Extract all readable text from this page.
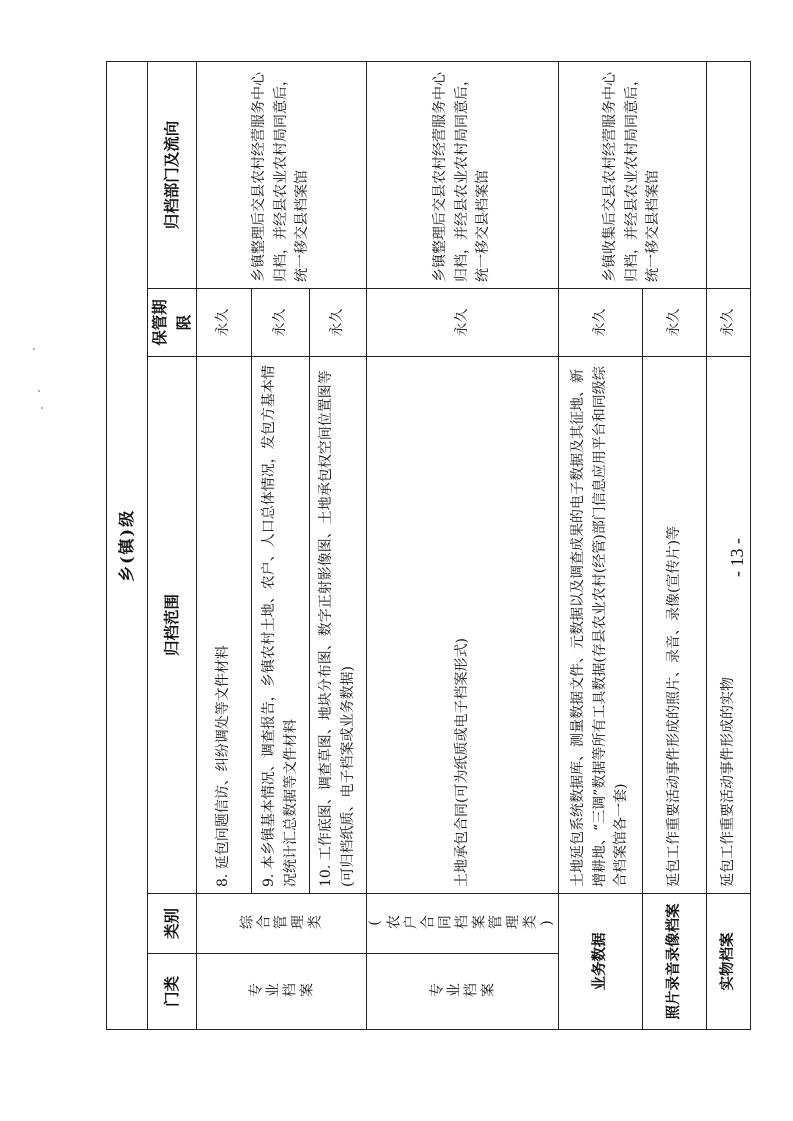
乡(镇)级				
门类	类别	归档范围	保管期限	归档部门及流向

专业档案	综合管理类	8. 延包问题信访、纠纷调处等文件材料	永久	乡镇整理后交县农村经营服务中心归档，并经县农业农村局同意后，统一移交县档案馆
		9. 本乡镇基本情况、调查报告，乡镇农村土地、农户、人口总体情况，发包方基本情况统计汇总数据等文件材料	永久	
		10. 工作底图、调查草图、地块分布图、数字正射影像图、土地承包权空间位置图等(可归档纸质、电子档案或业务数据)	永久	

专业档案	(农户合同档案管理类)	土地承包合同(可为纸质或电子档案形式)	永久	乡镇整理后交县农村经营服务中心归档，并经县农业农村局同意后，统一移交县档案馆
业务数据		土地延包系统数据库、测量数据文件、元数据以及调查成果的电子数据及其征地、新增耕地、“三调”数据等所有工具数据(存县农业农村(经管)部门信息应用平台和同级综合档案馆各一套)	永久	乡镇收集后交县农村经营服务中心归档，并经县农业农村局同意后，统一移交县档案馆
照片录音录像档案		延包工作重要活动事件形成的照片、录音、录像(宣传片)等	永久	
实物档案		延包工作重要活动事件形成的实物	永久	
- 13 -
